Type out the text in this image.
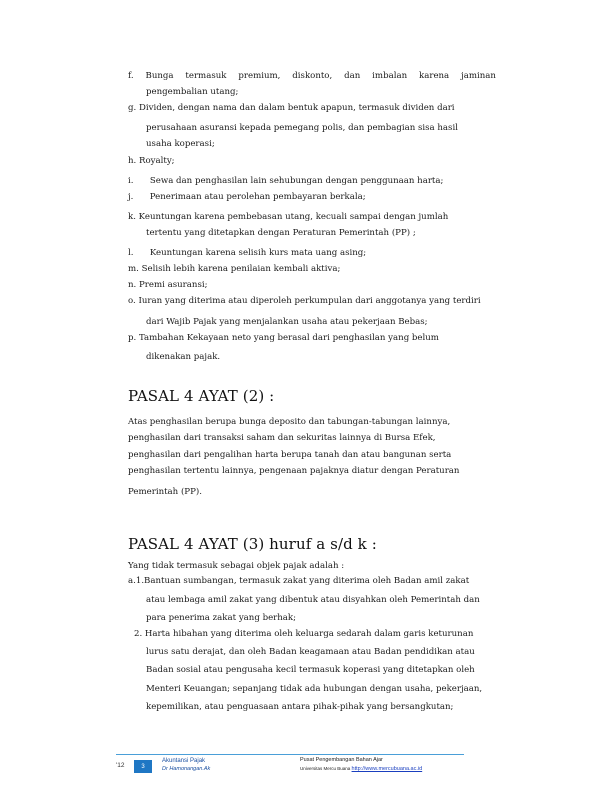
f. Bunga termasuk premium, diskonto, dan imbalan karena jaminan
pengembalian utang;
g. Dividen, dengan nama dan dalam bentuk apapun, termasuk dividen dari
perusahaan asuransi kepada pemegang polis, dan pembagian sisa hasil
usaha koperasi;
h. Royalty;
i.      Sewa dan penghasilan lain sehubungan dengan penggunaan harta;
j.      Penerimaan atau perolehan pembayaran berkala;
k. Keuntungan karena pembebasan utang, kecuali sampai dengan jumlah
tertentu yang ditetapkan dengan Peraturan Pemerintah (PP) ;
l.      Keuntungan karena selisih kurs mata uang asing;
m. Selisih lebih karena penilaian kembali aktiva;
n. Premi asuransi;
o. Iuran yang diterima atau diperoleh perkumpulan dari anggotanya yang terdiri
dari Wajib Pajak yang menjalankan usaha atau pekerjaan Bebas;
p. Tambahan Kekayaan neto yang berasal dari penghasilan yang belum
dikenakan pajak.
PASAL 4 AYAT (2) :
Atas penghasilan berupa bunga deposito dan tabungan-tabungan lainnya,
penghasilan dari transaksi saham dan sekuritas lainnya di Bursa Efek,
penghasilan dari pengalihan harta berupa tanah dan atau bangunan serta
penghasilan tertentu lainnya, pengenaan pajaknya diatur dengan Peraturan
Pemerintah (PP).
PASAL 4 AYAT (3) huruf a s/d k :
Yang tidak termasuk sebagai objek pajak adalah :
a.1.Bantuan sumbangan, termasuk zakat yang diterima oleh Badan amil zakat
atau lembaga amil zakat yang dibentuk atau disyahkan oleh Pemerintah dan
para penerima zakat yang berhak;
2. Harta hibahan yang diterima oleh keluarga sedarah dalam garis keturunan
lurus satu derajat, dan oleh Badan keagamaan atau Badan pendidikan atau
Badan sosial atau pengusaha kecil termasuk koperasi yang ditetapkan oleh
Menteri Keuangan; sepanjang tidak ada hubungan dengan usaha, pekerjaan,
kepemilikan, atau penguasaan antara pihak-pihak yang bersangkutan;
'12	3
Akuntansi Pajak
Dr Hamonangan.Ak
Pusat Pengembangan Bahan Ajar
Universitas Mercu Buana http://www.mercubuana.ac.id
